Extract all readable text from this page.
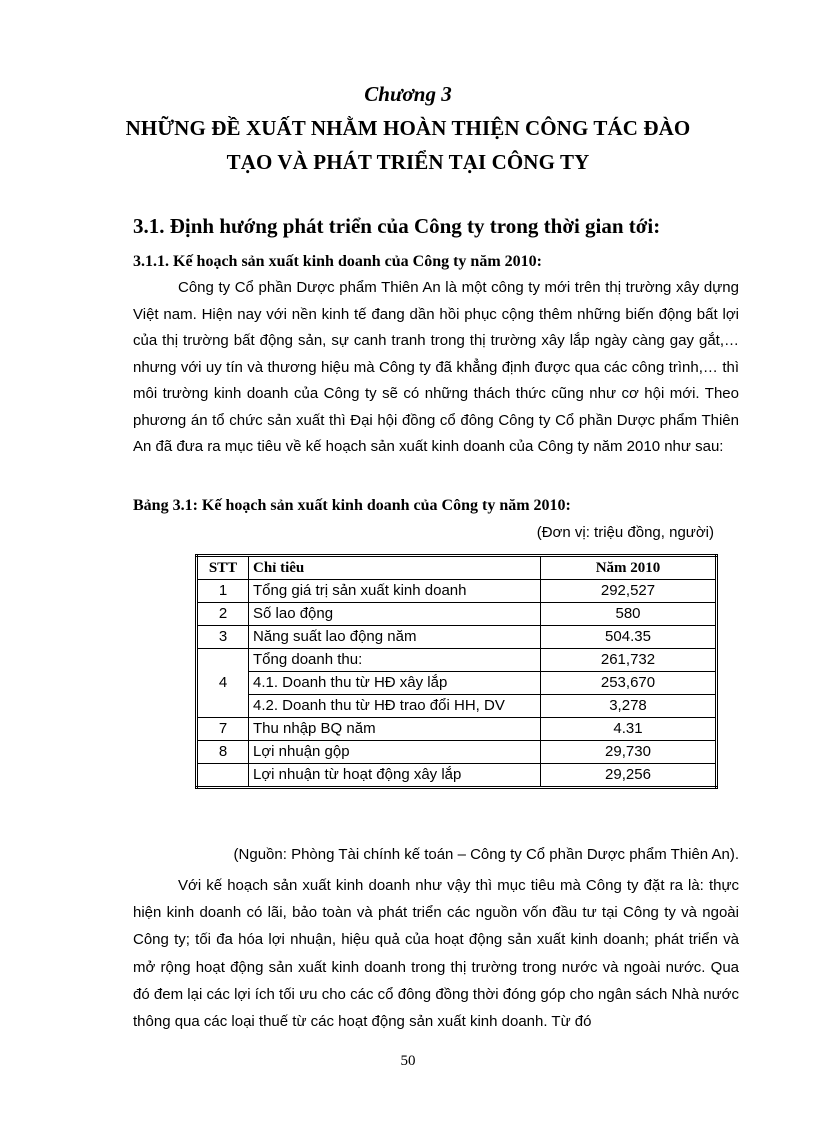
Chương 3
NHỮNG ĐỀ XUẤT NHẰM HOÀN THIỆN CÔNG TÁC ĐÀO
TẠO VÀ PHÁT TRIỂN TẠI CÔNG TY
3.1. Định hướng phát triển của Công ty trong thời gian tới:
3.1.1. Kế hoạch sản xuất kinh doanh của Công ty năm 2010:

Công ty Cổ phần Dược phẩm Thiên An là một công ty mới trên thị trường xây dựng Việt nam. Hiện nay với nền kinh tế đang dần hồi phục cộng thêm những biến động bất lợi của thị trường bất động sản, sự canh tranh trong thị trường xây lắp ngày càng gay gắt,…nhưng với uy tín và thương hiệu mà Công ty đã khẳng định được qua các công trình,… thì môi trường kinh doanh của Công ty sẽ có những thách thức cũng như cơ hội mới. Theo phương án tổ chức sản xuất thì Đại hội đồng cổ đông Công ty Cổ phần Dược phẩm Thiên An đã đưa ra mục tiêu về kế hoạch sản xuất kinh doanh của Công ty năm 2010 như sau:

Bảng 3.1: Kế hoạch sản xuất kinh doanh của Công ty năm 2010:
(Đơn vị: triệu đồng, người)
STT	Chỉ tiêu	Năm 2010
1	Tổng giá trị sản xuất kinh doanh	292,527
2	Số lao động	580
3	Năng suất lao động năm	504.35
4	Tổng doanh thu:	261,732
	4.1. Doanh thu từ HĐ xây lắp	253,670
	4.2. Doanh thu từ HĐ trao đổi HH, DV	3,278
7	Thu nhập BQ năm	4.31
8	Lợi nhuận gộp	29,730
	Lợi nhuận từ hoạt động xây lắp	29,256
(Nguồn: Phòng Tài chính kế toán – Công ty Cổ phần Dược phẩm Thiên An).

Với kế hoạch sản xuất kinh doanh như vậy thì mục tiêu mà Công ty đặt ra là: thực hiện kinh doanh có lãi, bảo toàn và phát triển các nguồn vốn đầu tư tại Công ty và ngoài Công ty; tối đa hóa lợi nhuận, hiệu quả của hoạt động sản xuất kinh doanh; phát triển và mở rộng hoạt động sản xuất kinh doanh trong thị trường trong nước và ngoài nước. Qua đó đem lại các lợi ích tối ưu cho các cổ đông đồng thời đóng góp cho ngân sách Nhà nước thông qua các loại thuế từ các hoạt động sản xuất kinh doanh. Từ đó

50
